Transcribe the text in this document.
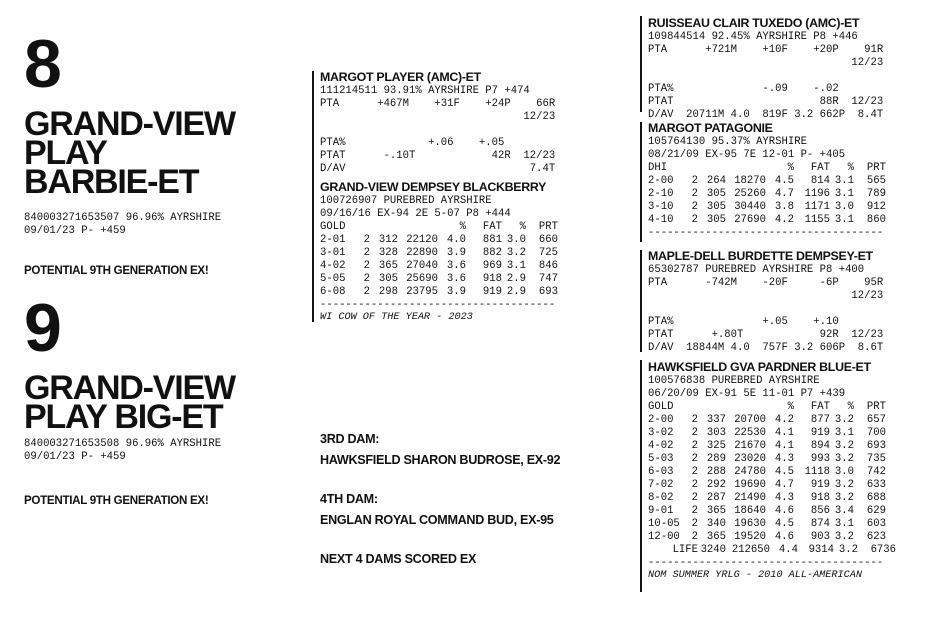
8
GRAND-VIEW
PLAY
BARBIE-ET
840003271653507 96.96% AYRSHIRE
09/01/23 P- +459
POTENTIAL 9TH GENERATION EX!
9
GRAND-VIEW
PLAY BIG-ET
840003271653508 96.96% AYRSHIRE
09/01/23 P- +459
POTENTIAL 9TH GENERATION EX!
MARGOT PLAYER (AMC)-ET
111214511 93.91% AYRSHIRE P7 +474
PTA      +467M    +31F    +24P    66R
12/23

PTA%             +.06    +.05
PTAT      -.10T            42R  12/23
D/AV                             7.4T
GRAND-VIEW DEMPSEY BLACKBERRY
100726907 PUREBRED AYRSHIRE
09/16/16 EX-94 2E 5-07 P8 +444
GOLD

	%	FAT	%	PRT
2-01	2 312 22120 4.0	881 3.0	660
3-01	2 328 22890 3.9	882 3.2	725
4-02	2 365 27040 3.6	969 3.1	846
5-05	2 305 25690 3.6	918 2.9	747
6-08	2 298 23795 3.9	919 2.9	693
-------------------------------------
WI COW OF THE YEAR - 2023
3RD DAM:
HAWKSFIELD SHARON BUDROSE, EX-92
4TH DAM:
ENGLAN ROYAL COMMAND BUD, EX-95
NEXT 4 DAMS SCORED EX
RUISSEAU CLAIR TUXEDO (AMC)-ET
109844514 92.45% AYRSHIRE P8 +446
PTA      +721M    +10F    +20P    91R
12/23

PTA%              -.09    -.02
PTAT                       88R  12/23
D/AV  20711M 4.0  819F 3.2 662P  8.4T
MARGOT PATAGONIE
105764130 95.37% AYRSHIRE
08/21/09 EX-95 7E 12-01 P- +405
DHI

	%	FAT	%	PRT
2-00	2 264 18270 4.5	814 3.1	565
2-10	2 305 25260 4.7 1196 3.1	789
3-10	2 305 30440 3.8 1171 3.0	912
4-10	2 305 27690 4.2 1155 3.1	860
-------------------------------------
MAPLE-DELL BURDETTE DEMPSEY-ET
65302787 PUREBRED AYRSHIRE P8 +400
PTA      -742M    -20F     -6P    95R
12/23

PTA%              +.05    +.10
PTAT      +.80T            92R  12/23
D/AV  18844M 4.0  757F 3.2 606P  8.6T
HAWKSFIELD GVA PARDNER BLUE-ET
100576838 PUREBRED AYRSHIRE
06/20/09 EX-91 5E 11-01 P7 +439
GOLD

	%	FAT	%	PRT
2-00	2 337 20700 4.2	877 3.2	657
3-02	2 303 22530 4.1	919 3.1	700
4-02	2 325 21670 4.1	894 3.2	693
5-03	2 289 23020 4.3	993 3.2	735
6-03	2 288 24780 4.5 1118 3.0	742
7-02	2 292 19690 4.7	919 3.2	633
8-02	2 287 21490 4.3	918 3.2	688
9-01	2 365 18640 4.6	856 3.4	629
10-05	2 340 19630 4.5	874 3.1	603
12-00	2 365 19520 4.6	903 3.2	623
LIFE 3240 212650 4.4 9314 3.2	6736
-------------------------------------
NOM SUMMER YRLG - 2010 ALL-AMERICAN
